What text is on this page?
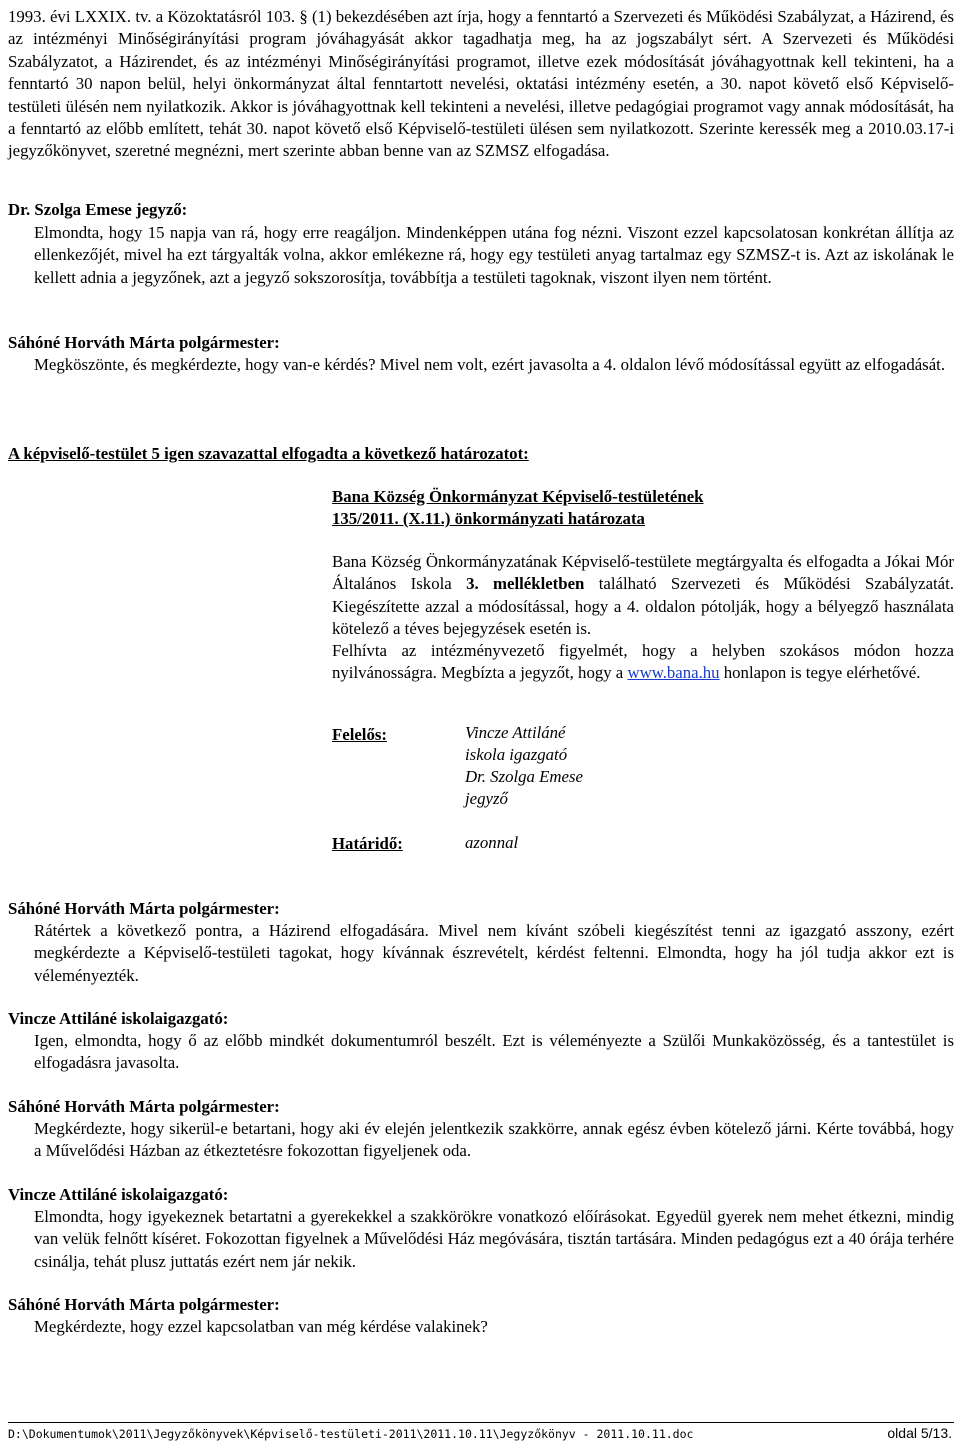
1993. évi LXXIX. tv. a Közoktatásról 103. § (1) bekezdésében azt írja, hogy a fenntartó a Szervezeti és Működési Szabályzat, a Házirend, és az intézményi Minőségirányítási program jóváhagyását akkor tagadhatja meg, ha az jogszabályt sért. A Szervezeti és Működési Szabályzatot, a Házirendet, és az intézményi Minőségirányítási programot, illetve ezek módosítását jóváhagyottnak kell tekinteni, ha a fenntartó 30 napon belül, helyi önkormányzat által fenntartott nevelési, oktatási intézmény esetén, a 30. napot követő első Képviselő-testületi ülésén nem nyilatkozik. Akkor is jóváhagyottnak kell tekinteni a nevelési, illetve pedagógiai programot vagy annak módosítását, ha a fenntartó az előbb említett, tehát 30. napot követő első Képviselő-testületi ülésen sem nyilatkozott. Szerinte keressék meg a 2010.03.17-i jegyzőkönyvet, szeretné megnézni, mert szerinte abban benne van az SZMSZ elfogadása.
Dr. Szolga Emese jegyző:
Elmondta, hogy 15 napja van rá, hogy erre reagáljon. Mindenképpen utána fog nézni. Viszont ezzel kapcsolatosan konkrétan állítja az ellenkezőjét, mivel ha ezt tárgyalták volna, akkor emlékezne rá, hogy egy testületi anyag tartalmaz egy SZMSZ-t is. Azt az iskolának le kellett adnia a jegyzőnek, azt a jegyző sokszorosítja, továbbítja a testületi tagoknak, viszont ilyen nem történt.
Sáhóné Horváth Márta polgármester:
Megköszönte, és megkérdezte, hogy van-e kérdés? Mivel nem volt, ezért javasolta a 4. oldalon lévő módosítással együtt az elfogadását.
A képviselő-testület 5 igen szavazattal elfogadta a következő határozatot:
Bana Község Önkormányzat Képviselő-testületének
135/2011. (X.11.) önkormányzati határozata
Bana Község Önkormányzatának Képviselő-testülete megtárgyalta és elfogadta a Jókai Mór Általános Iskola 3. mellékletben található Szervezeti és Működési Szabályzatát. Kiegészítette azzal a módosítással, hogy a 4. oldalon pótolják, hogy a bélyegző használata kötelező a téves bejegyzések esetén is.
Felhívta az intézményvezető figyelmét, hogy a helyben szokásos módon hozza nyilvánosságra. Megbízta a jegyzőt, hogy a www.bana.hu honlapon is tegye elérhetővé.
Felelős:	Vincze Attiláné
iskola igazgató
Dr. Szolga Emese
jegyző
Határidő:	azonnal
Sáhóné Horváth Márta polgármester:
Rátértek a következő pontra, a Házirend elfogadására. Mivel nem kívánt szóbeli kiegészítést tenni az igazgató asszony, ezért megkérdezte a Képviselő-testületi tagokat, hogy kívánnak észrevételt, kérdést feltenni. Elmondta, hogy ha jól tudja akkor ezt is véleményezték.
Vincze Attiláné iskolaigazgató:
Igen, elmondta, hogy ő az előbb mindkét dokumentumról beszélt. Ezt is véleményezte a Szülői Munkaközösség, és a tantestület is elfogadásra javasolta.
Sáhóné Horváth Márta polgármester:
Megkérdezte, hogy sikerül-e betartani, hogy aki év elején jelentkezik szakkörre, annak egész évben kötelező járni. Kérte továbbá, hogy a Művelődési Házban az étkeztetésre fokozottan figyeljenek oda.
Vincze Attiláné iskolaigazgató:
Elmondta, hogy igyekeznek betartatni a gyerekekkel a szakkörökre vonatkozó előírásokat. Egyedül gyerek nem mehet étkezni, mindig van velük felnőtt kíséret. Fokozottan figyelnek a Művelődési Ház megóvására, tisztán tartására. Minden pedagógus ezt a 40 órája terhére csinálja, tehát plusz juttatás ezért nem jár nekik.
Sáhóné Horváth Márta polgármester:
Megkérdezte, hogy ezzel kapcsolatban van még kérdése valakinek?
D:\Dokumentumok\2011\Jegyzőkönyvek\Képviselő-testületi-2011\2011.10.11\Jegyzőkönyv - 2011.10.11.doc	oldal 5/13.
